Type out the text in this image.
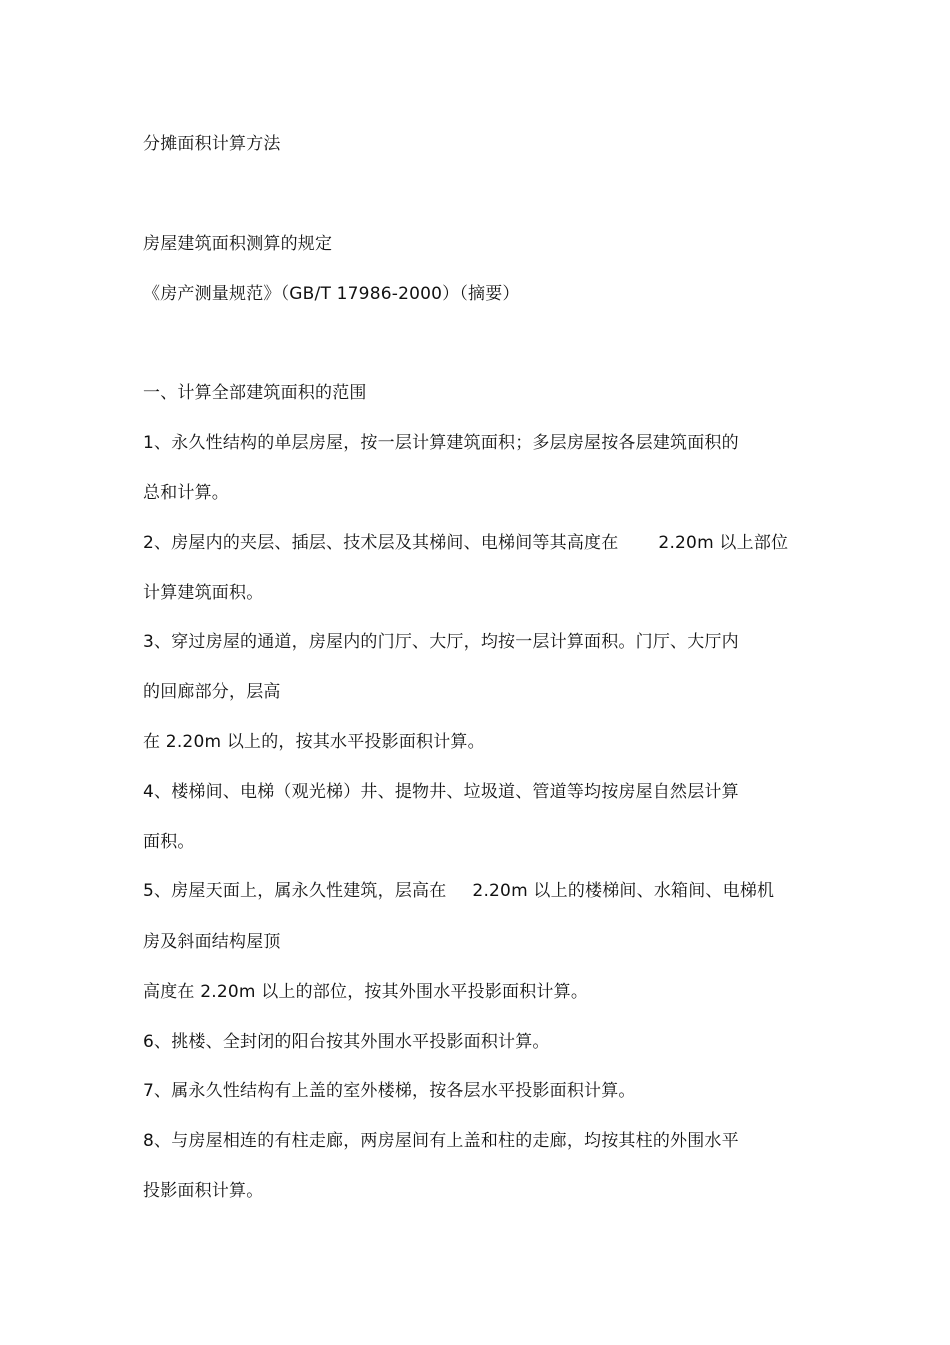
分摊面积计算方法
房屋建筑面积测算的规定
《房产测量规范》（GB/T 17986-2000）（摘要）
一、计算全部建筑面积的范围
1、永久性结构的单层房屋，按一层计算建筑面积；多层房屋按各层建筑面积的
总和计算。
2、房屋内的夹层、插层、技术层及其梯间、电梯间等其高度在 2.20m 以上部位
计算建筑面积。
3、穿过房屋的通道，房屋内的门厅、大厅，均按一层计算面积。门厅、大厅内
的回廊部分，层高
在 2.20m 以上的，按其水平投影面积计算。
4、楼梯间、电梯（观光梯）井、提物井、垃圾道、管道等均按房屋自然层计算
面积。
5、房屋天面上，属永久性建筑，层高在 2.20m 以上的楼梯间、水箱间、电梯机
房及斜面结构屋顶
高度在 2.20m 以上的部位，按其外围水平投影面积计算。
6、挑楼、全封闭的阳台按其外围水平投影面积计算。
7、属永久性结构有上盖的室外楼梯，按各层水平投影面积计算。
8、与房屋相连的有柱走廊，两房屋间有上盖和柱的走廊，均按其柱的外围水平
投影面积计算。
